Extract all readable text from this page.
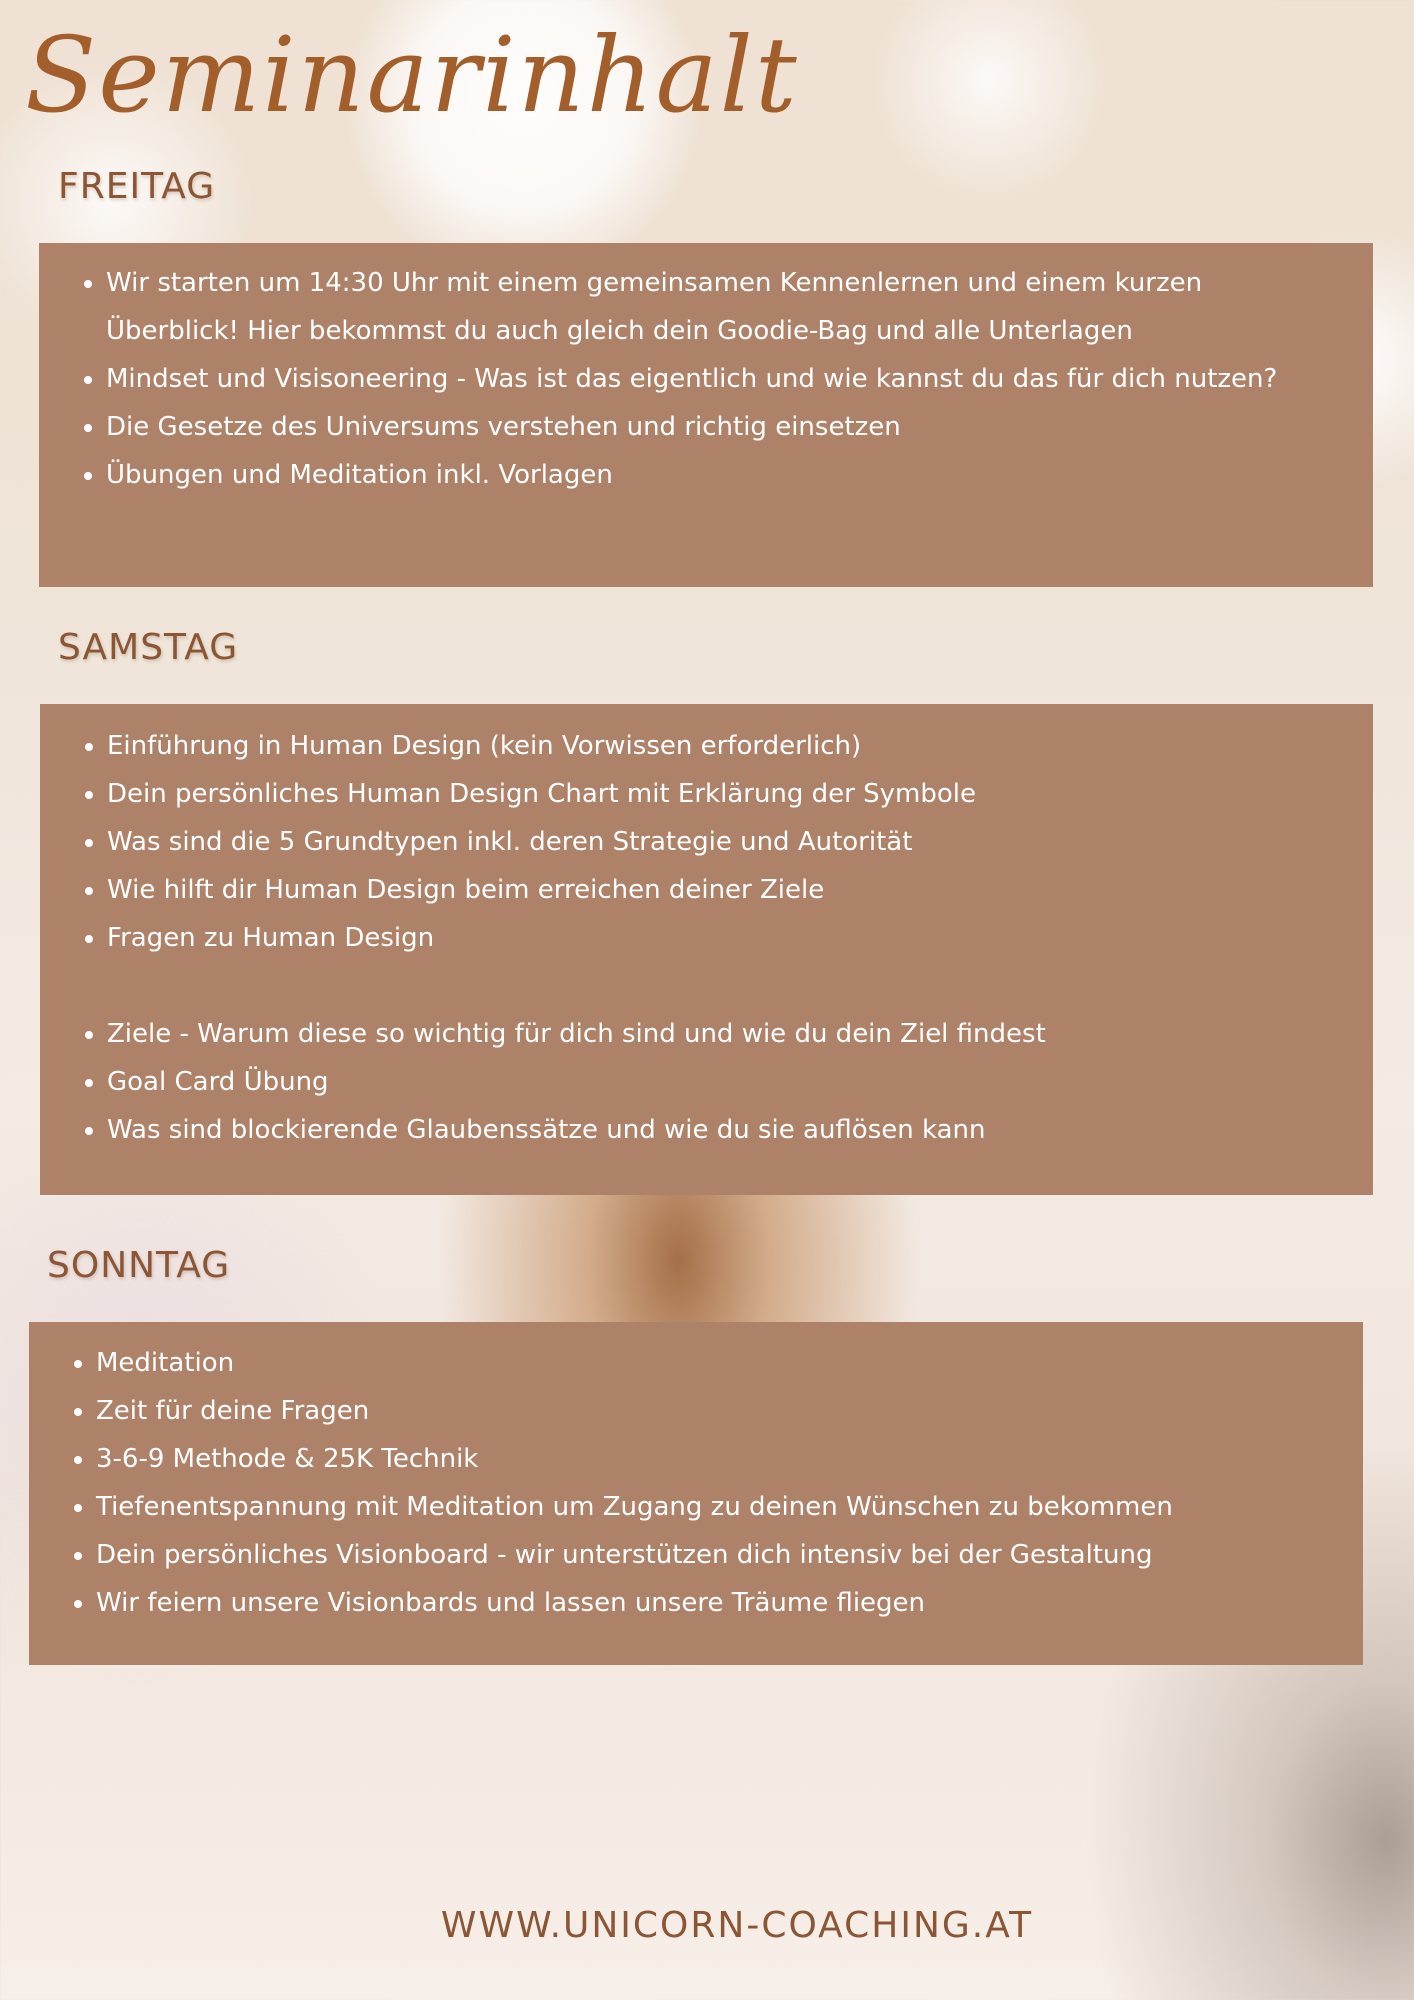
Seminarinhalt
FREITAG
• Wir starten um 14:30 Uhr mit einem gemeinsamen Kennenlernen und einem kurzen Überblick! Hier bekommst du auch gleich dein Goodie-Bag und alle Unterlagen
• Mindset und Visisoneering - Was ist das eigentlich und wie kannst du das für dich nutzen?
• Die Gesetze des Universums verstehen und richtig einsetzen
• Übungen und Meditation inkl. Vorlagen
SAMSTAG
• Einführung in Human Design (kein Vorwissen erforderlich)
• Dein persönliches Human Design Chart mit Erklärung der Symbole
• Was sind die 5 Grundtypen inkl. deren Strategie und Autorität
• Wie hilft dir Human Design beim erreichen deiner Ziele
• Fragen zu Human Design
• Ziele - Warum diese so wichtig für dich sind und wie du dein Ziel findest
• Goal Card Übung
• Was sind blockierende Glaubenssätze und wie du sie auflösen kann
SONNTAG
• Meditation
• Zeit für deine Fragen
• 3-6-9 Methode & 25K Technik
• Tiefenentspannung mit Meditation um Zugang zu deinen Wünschen zu bekommen
• Dein persönliches Visionboard - wir unterstützen dich intensiv bei der Gestaltung
• Wir feiern unsere Visionbards und lassen unsere Träume fliegen
WWW.UNICORN-COACHING.AT
